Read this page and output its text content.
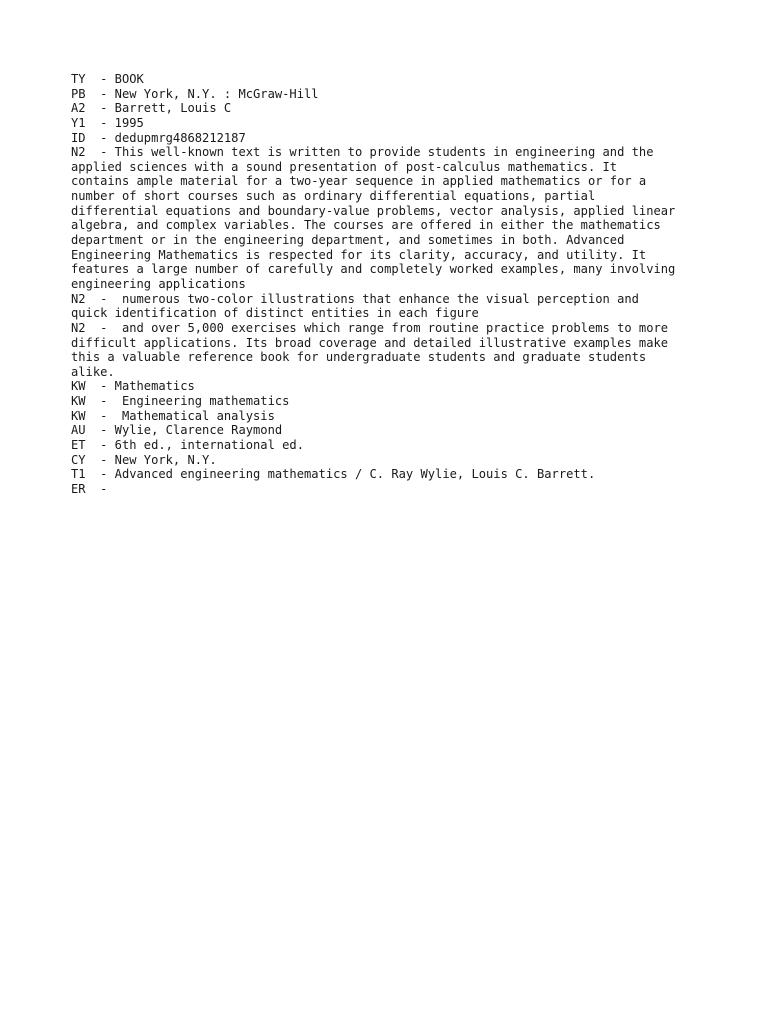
TY  - BOOK
PB  - New York, N.Y. : McGraw-Hill
A2  - Barrett, Louis C
Y1  - 1995
ID  - dedupmrg4868212187
N2  - This well-known text is written to provide students in engineering and the
applied sciences with a sound presentation of post-calculus mathematics. It
contains ample material for a two-year sequence in applied mathematics or for a
number of short courses such as ordinary differential equations, partial
differential equations and boundary-value problems, vector analysis, applied linear
algebra, and complex variables. The courses are offered in either the mathematics
department or in the engineering department, and sometimes in both. Advanced
Engineering Mathematics is respected for its clarity, accuracy, and utility. It
features a large number of carefully and completely worked examples, many involving
engineering applications
N2  -  numerous two-color illustrations that enhance the visual perception and
quick identification of distinct entities in each figure
N2  -  and over 5,000 exercises which range from routine practice problems to more
difficult applications. Its broad coverage and detailed illustrative examples make
this a valuable reference book for undergraduate students and graduate students
alike.
KW  - Mathematics
KW  -  Engineering mathematics
KW  -  Mathematical analysis
AU  - Wylie, Clarence Raymond
ET  - 6th ed., international ed.
CY  - New York, N.Y.
T1  - Advanced engineering mathematics / C. Ray Wylie, Louis C. Barrett.
ER  -
